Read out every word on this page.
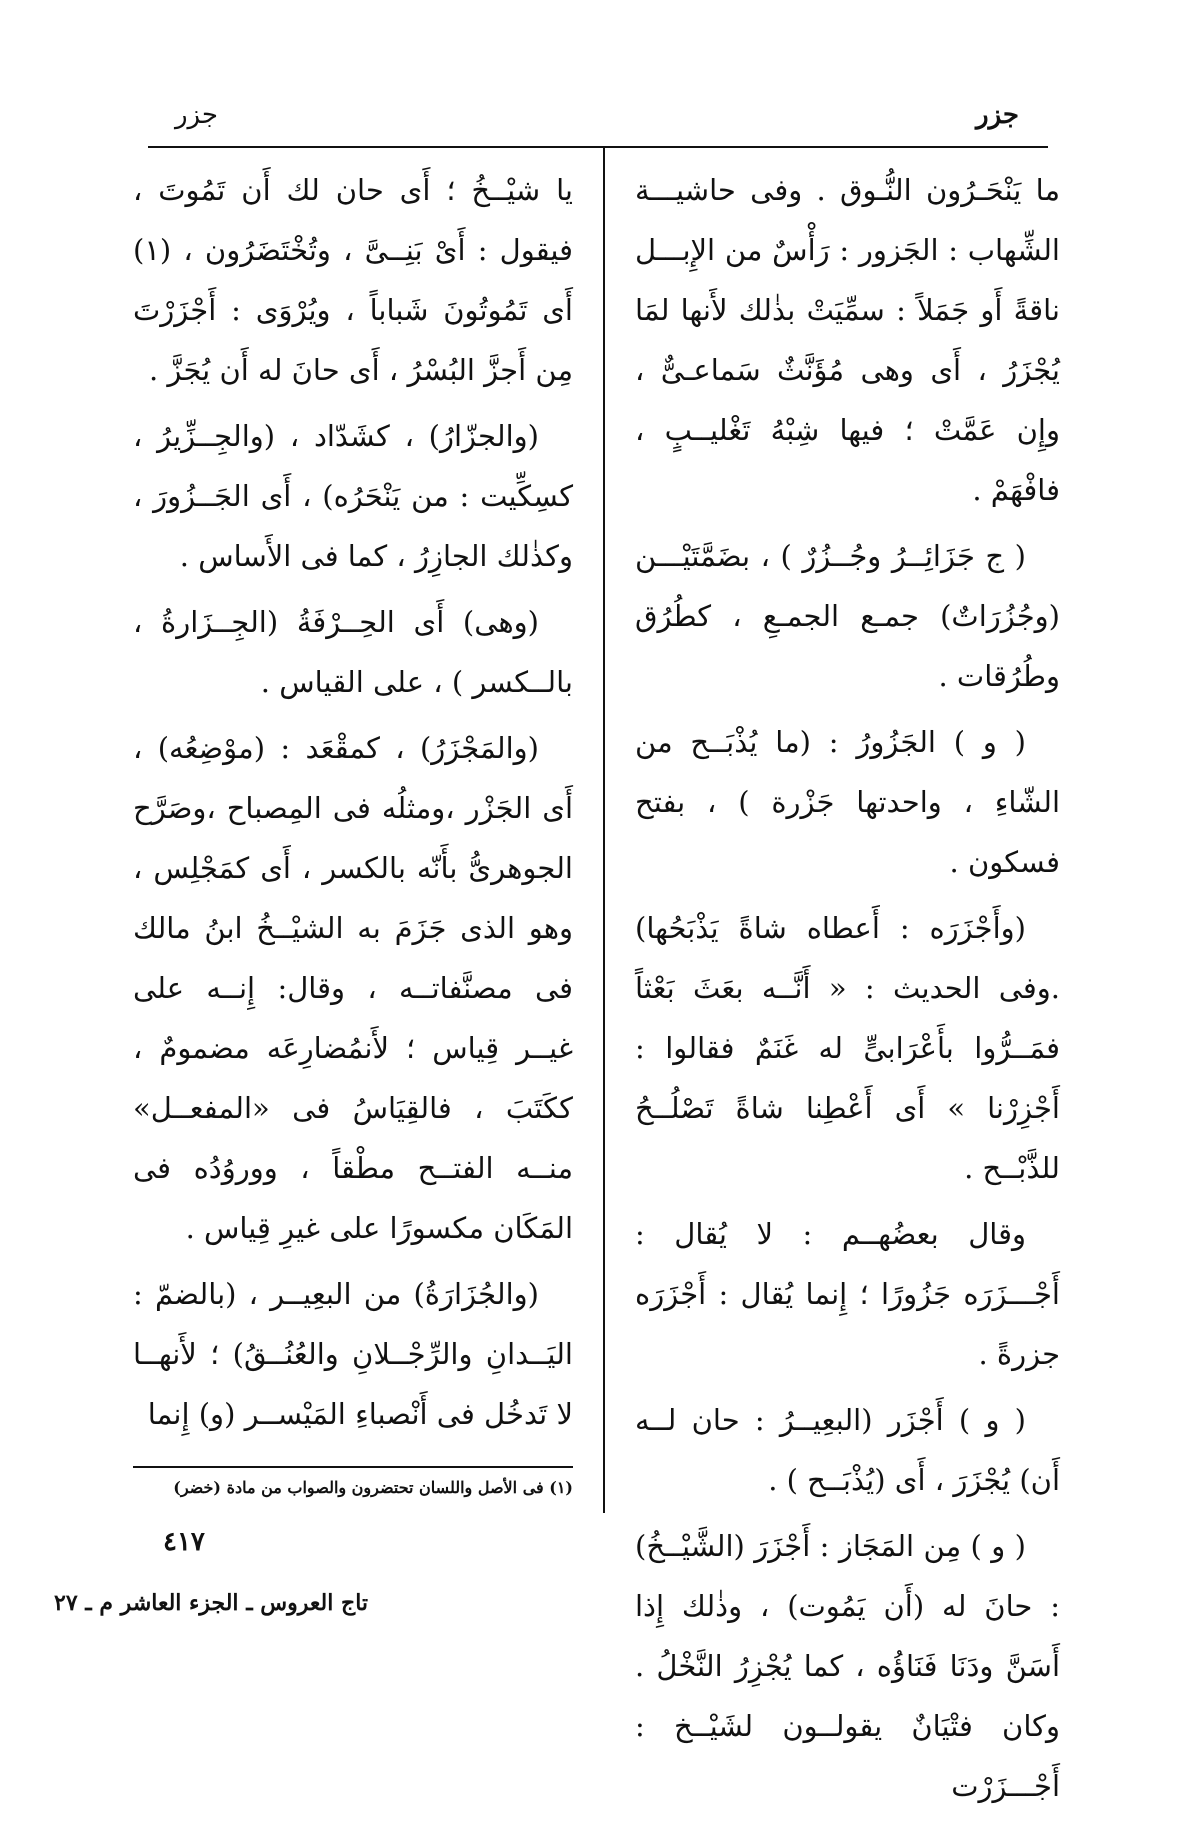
جزر
جزر

ما يَنْحَـرُون النُّـوق . وفى حاشيـــة الشِّهاب : الجَزور : رَأْسٌ من الإِبـــل ناقةً أَو جَمَلاً : سمِّيَتْ بذٰلك لأَنها لمَا يُجْزَرُ ، أَى وهى مُؤَنَّثٌ سَماعـىٌّ ، وإِن عَمَّتْ ؛ فيها شِبْهُ تَغْليــبٍ ، فافْهَمْ .

( ج جَزَائِــرُ وجُــزُرٌ ) ، بضَمَّتَيْـــن (وجُزُرَاتٌ) جمـع الجمـعِ ، كطُرُق وطُرُقات .

( و ) الجَزُورُ : (ما يُذْبَــح من الشّاءِ ، واحدتها جَزْرة ) ، بفتح فسكون .

(وأَجْزَرَه : أَعطاه شاةً يَذْبَحُها) .وفى الحديث : « أَنَّــه بعَثَ بَعْثاً فمَــرُّوا بأَعْرَابىٍّ له غَنَمٌ فقالوا : أَجْزِرْنا » أَى أَعْطِنا شاةً تَصْلُــحُ للذَّبْــح .

وقال بعضُهــم : لا يُقال : أَجْـــزَرَه جَزُورًا ؛ إِنما يُقال : أَجْزَرَه جزرةً .

( و ) أَجْزَر (البعِيــرُ : حان لــه أَن) يُجْزَرَ ، أَى (يُذْبَــح ) .

( و ) مِن المَجَاز : أَجْزَرَ (الشَّيْــخُ) : حانَ له (أَن يَمُوت) ، وذٰلك إِذا أَسَنَّ ودَنَا فَنَاؤُه ، كما يُجْزِرُ النَّخْلُ . وكان فتْيَانٌ يقولــون لشَيْــخ : أَجْـــزَرْت

يا شيْــخُ ؛ أَى حان لك أَن تَمُوتَ ، فيقول : أَىْ بَنِــىَّ ، وتُخْتَضَرُون ، (١) أَى تَمُوتُونَ شَباباً ، ويُرْوَى : أَجْزَرْتَ مِن أَجزَّ البُسْرُ ، أَى حانَ له أَن يُجَزَّ .

(والجزّارُ) ، كشَدّاد ، (والجِــزِّيرُ ، كسِكِّيت : من يَنْحَرُه) ، أَى الجَــزُورَ ، وكذٰلك الجازِرُ ، كما فى الأَساس .

(وهى) أَى الحِــرْفَةُ (الجِــزَارةُ ، بالــكسر ) ، على القياس .

(والمَجْزَرُ) ، كمقْعَد : (موْضِعُه) ، أَى الجَزْر ،ومثلُه فى المِصباح ،وصَرَّح الجوهرىُّ بأَنّه بالكسر ، أَى كمَجْلِس ، وهو الذى جَزَمَ به الشيْــخُ ابنُ مالك فى مصنَّفاتــه ، وقال: إِنــه على غيــر قِياس ؛ لأَنمُضارِعَه مضمومٌ ، ككَتَبَ ، فالقِيَاسُ فى «المفعــل» منــه الفتــح مطْقاً ، ووروُدُه فى المَكَان مكسورًا على غيرِ قِياس .

(والجُزَارَةُ) من البعِيــر ، (بالضمّ : اليَــدانِ والرِّجْــلانِ والعُنُــقُ) ؛ لأَنهــا لا تَدخُل فى أَنْصباءِ المَيْســر (و) إِنما

(١) فى الأصل واللسان تحتضرون والصواب من مادة (خضر)
٤١٧
تاج العروس ـ الجزء العاشر م ـ ٢٧
